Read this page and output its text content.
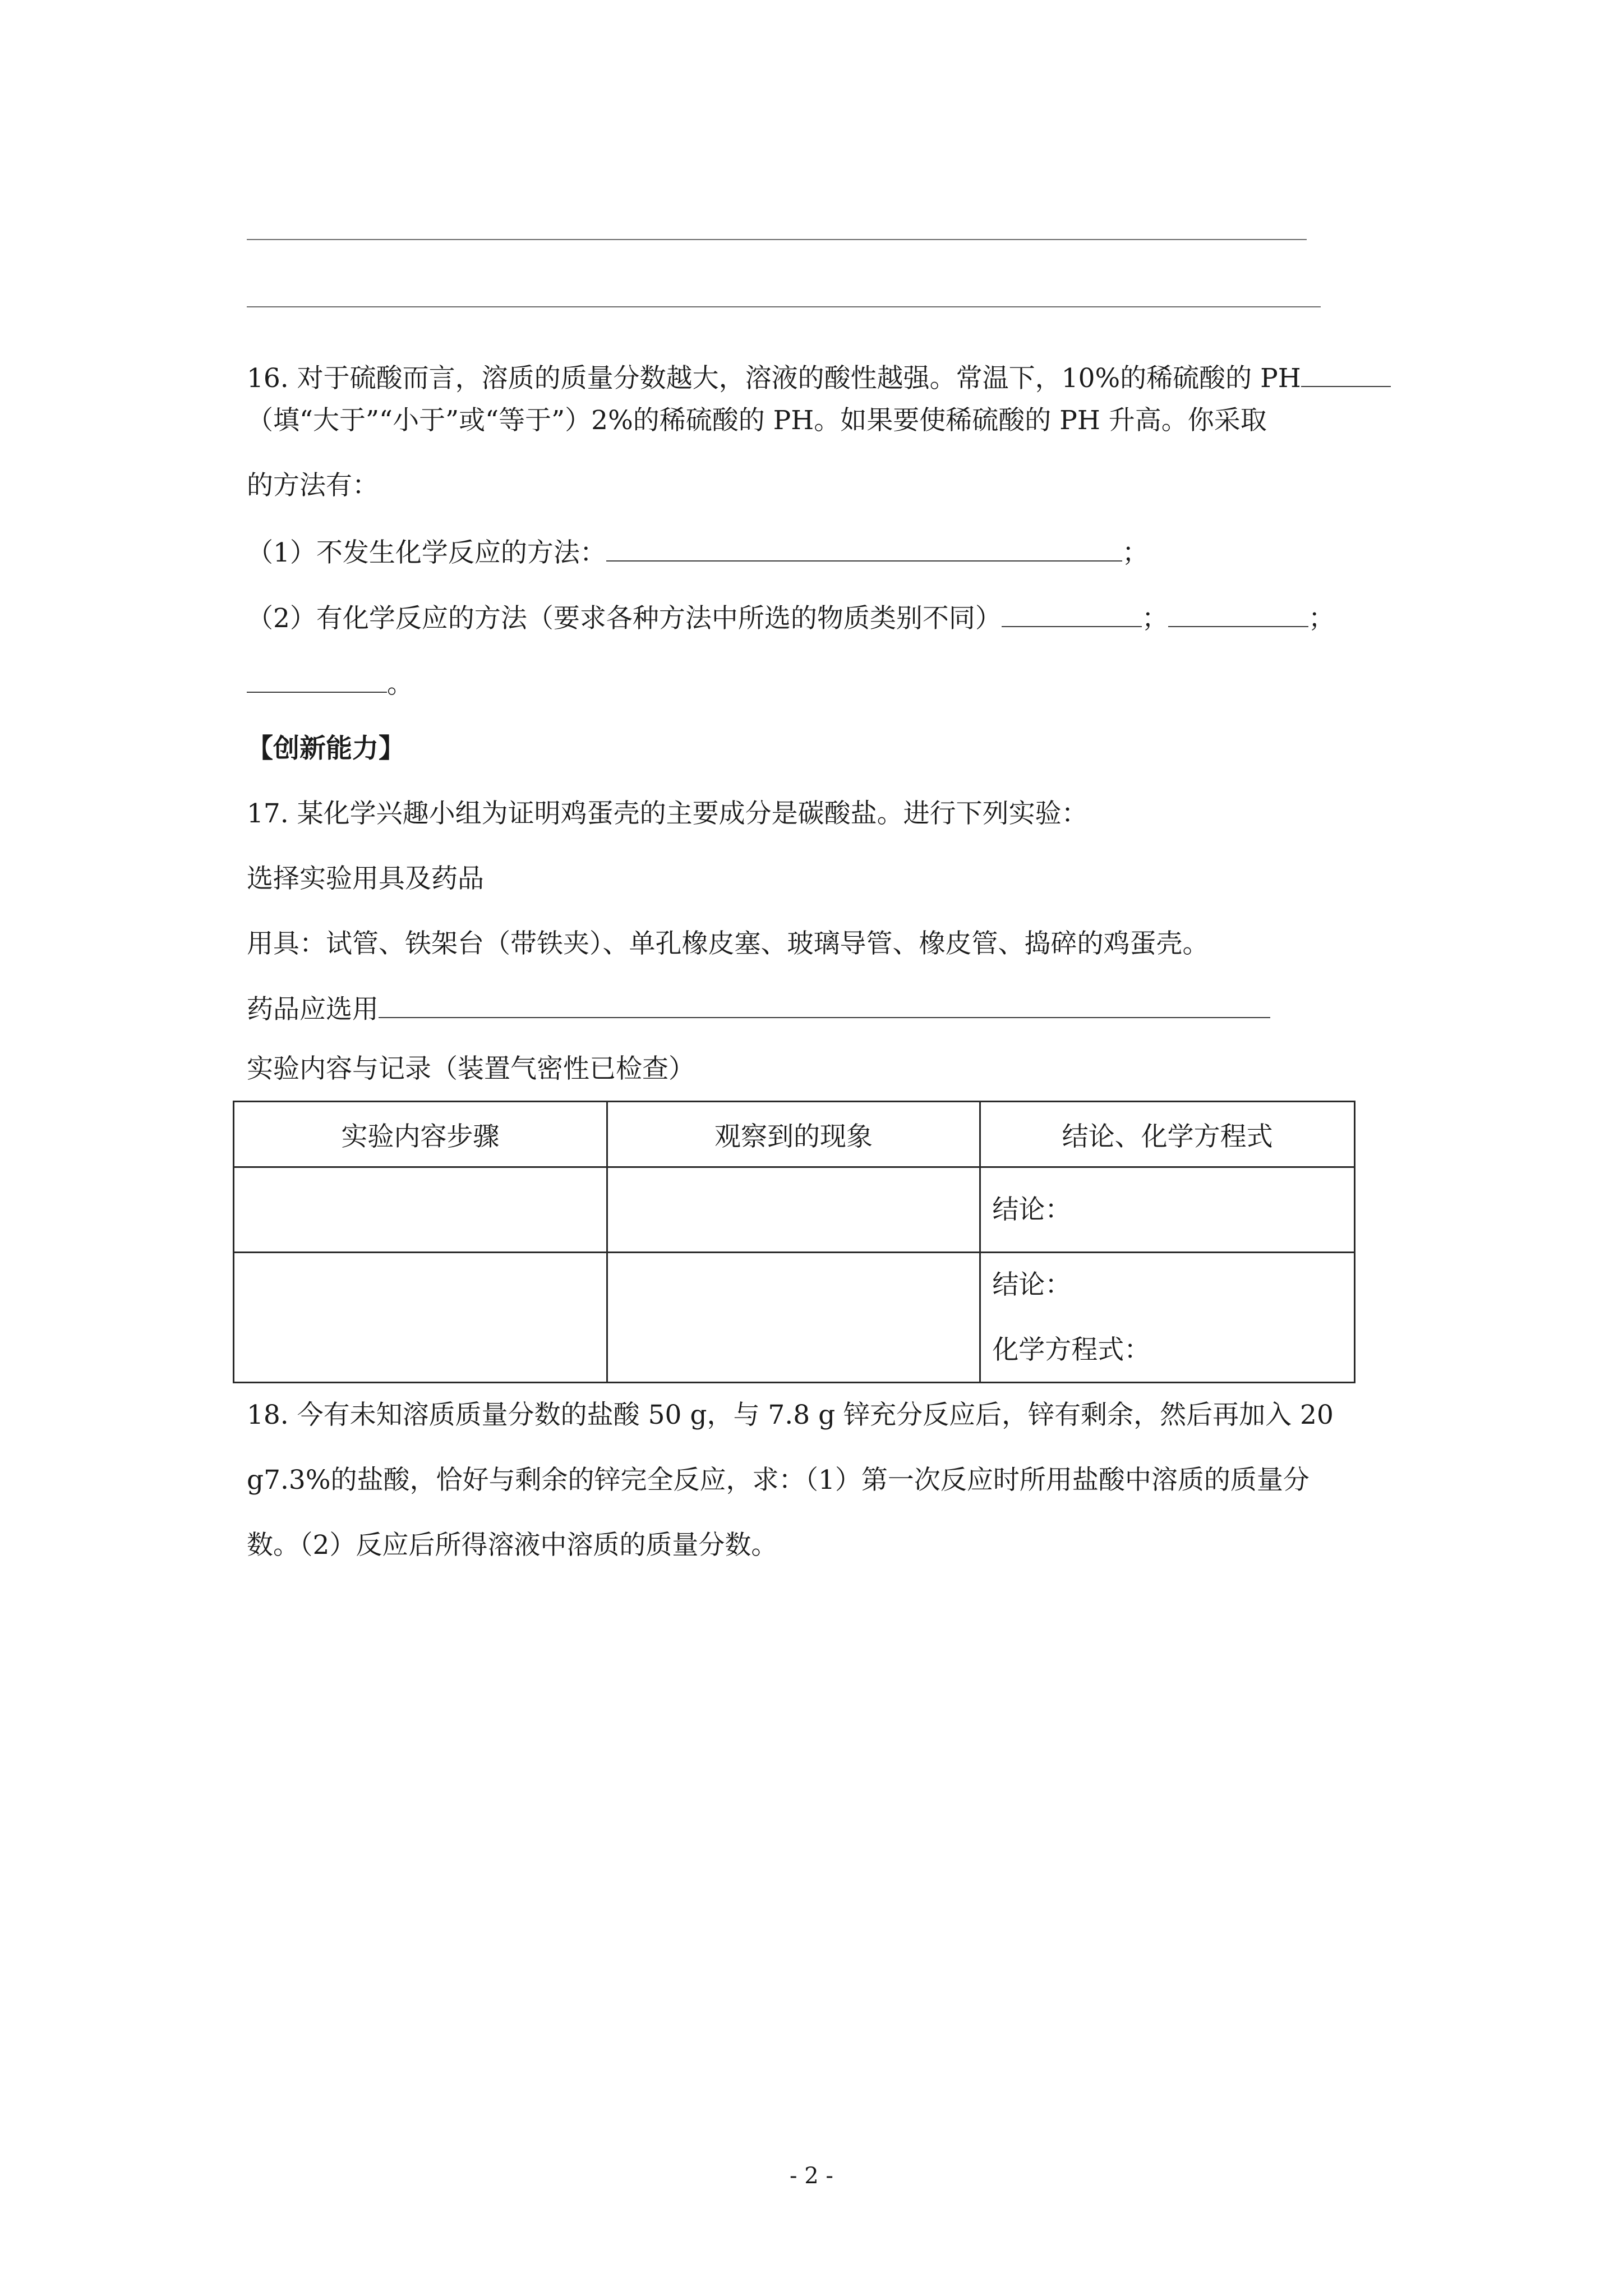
16. 对于硫酸而言，溶质的质量分数越大，溶液的酸性越强。常温下，10%的稀硫酸的 PH
（填“大于”“小于”或“等于”）2%的稀硫酸的 PH。如果要使稀硫酸的 PH 升高。你采取
的方法有：
（1）不发生化学反应的方法：	；
（2）有化学反应的方法（要求各种方法中所选的物质类别不同）	；	；
。
【创新能力】
17. 某化学兴趣小组为证明鸡蛋壳的主要成分是碳酸盐。进行下列实验：
选择实验用具及药品
用具：试管、铁架台（带铁夹）、单孔橡皮塞、玻璃导管、橡皮管、捣碎的鸡蛋壳。
药品应选用
实验内容与记录（装置气密性已检查）
实验内容步骤	观察到的现象	结论、化学方程式

		结论：

		结论：
化学方程式：
18. 今有未知溶质质量分数的盐酸 50 g，与 7.8 g 锌充分反应后，锌有剩余，然后再加入 20
g7.3%的盐酸，恰好与剩余的锌完全反应，求：（1）第一次反应时所用盐酸中溶质的质量分
数。（2）反应后所得溶液中溶质的质量分数。
- 2 -
